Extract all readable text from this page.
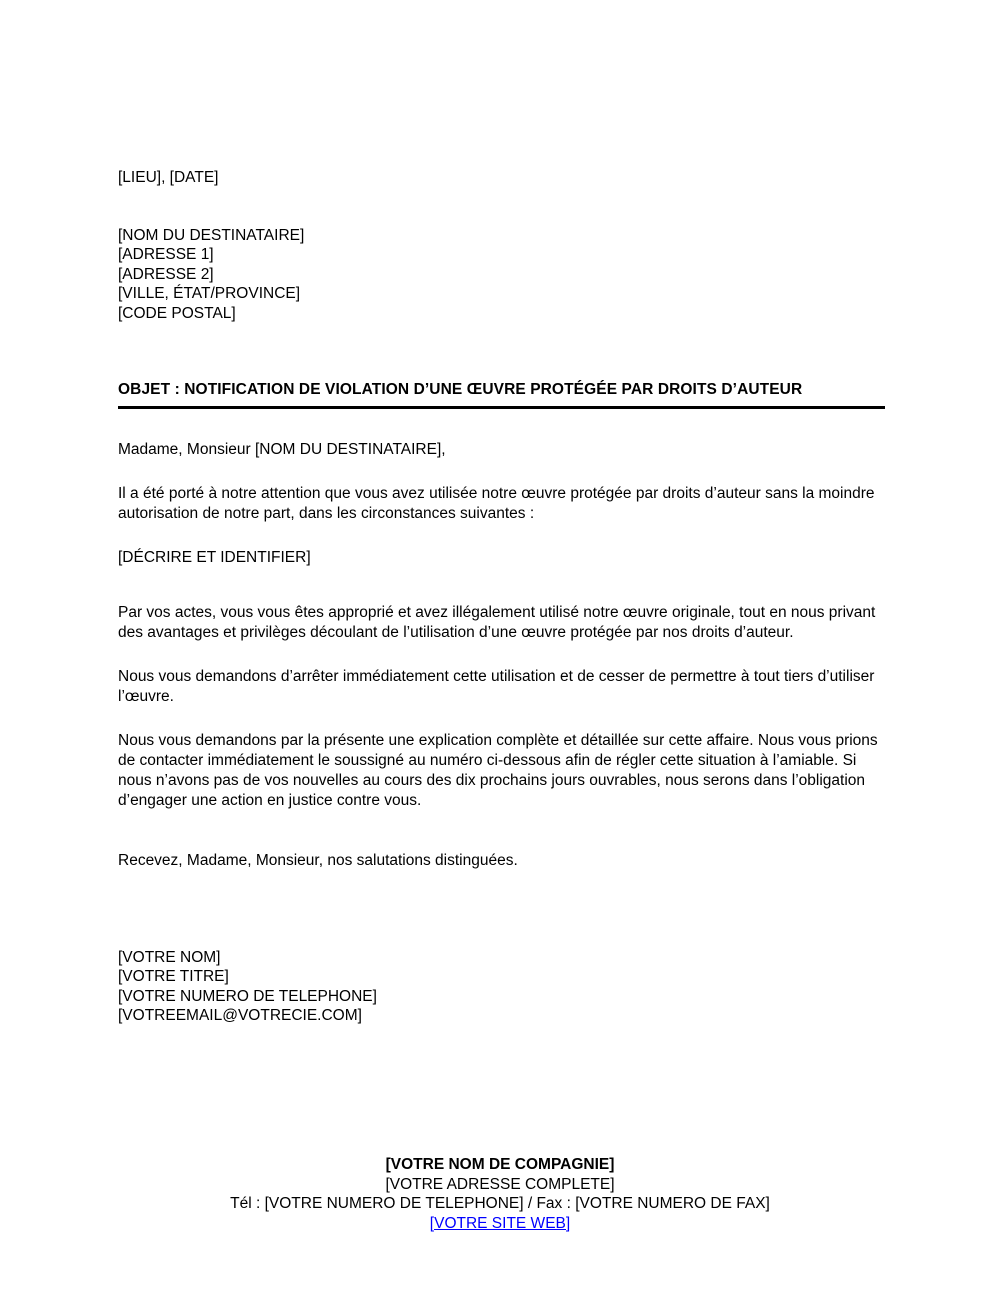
[LIEU], [DATE]
[NOM DU DESTINATAIRE]
[ADRESSE 1]
[ADRESSE 2]
[VILLE, ÉTAT/PROVINCE]
[CODE POSTAL]
OBJET : NOTIFICATION DE VIOLATION D’UNE ŒUVRE PROTÉGÉE PAR DROITS D’AUTEUR
Madame, Monsieur [NOM DU DESTINATAIRE],
Il a été porté à notre attention que vous avez utilisée notre œuvre protégée par droits d’auteur sans la moindre autorisation de notre part, dans les circonstances suivantes :
[DÉCRIRE ET IDENTIFIER]
Par vos actes, vous vous êtes approprié et avez illégalement utilisé notre œuvre originale, tout en nous privant des avantages et privilèges découlant de l’utilisation d’une œuvre protégée par nos droits d’auteur.
Nous vous demandons d’arrêter immédiatement cette utilisation et de cesser de permettre à tout tiers d’utiliser l’œuvre.
Nous vous demandons par la présente une explication complète et détaillée sur cette affaire. Nous vous prions de contacter immédiatement le soussigné au numéro ci-dessous afin de régler cette situation à l’amiable. Si nous n’avons pas de vos nouvelles au cours des dix prochains jours ouvrables, nous serons dans l’obligation d’engager une action en justice contre vous.
Recevez, Madame, Monsieur, nos salutations distinguées.
[VOTRE NOM]
[VOTRE TITRE]
[VOTRE NUMERO DE TELEPHONE]
[VOTREEMAIL@VOTRECIE.COM]
[VOTRE NOM DE COMPAGNIE]
[VOTRE ADRESSE COMPLETE]
Tél : [VOTRE NUMERO DE TELEPHONE] / Fax : [VOTRE NUMERO DE FAX]
[VOTRE SITE WEB]
